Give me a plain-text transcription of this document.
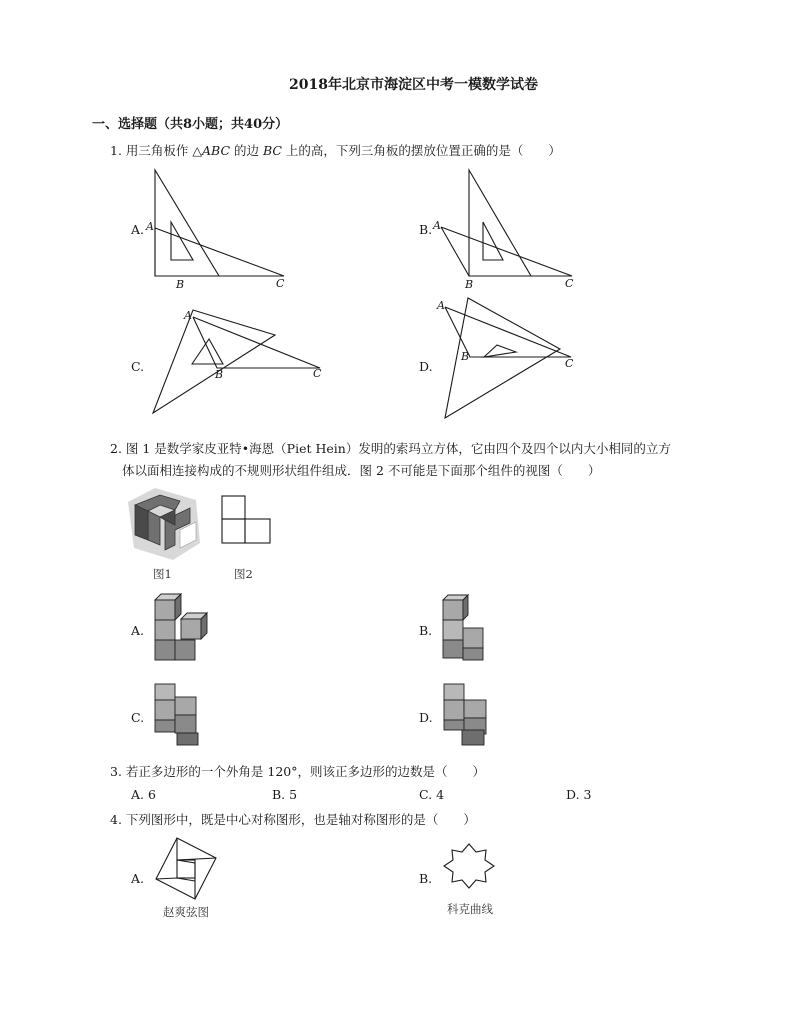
2018年北京市海淀区中考一模数学试卷
一、选择题（共8小题；共40分）
1. 用三角板作 △ABC 的边 BC 上的高，下列三角板的摆放位置正确的是（　　）
A. A
B	C
B. A
B	C
C.
A
B	C	D.
A
B
C
2. 图 1 是数学家皮亚特•海恩（Piet Hein）发明的索玛立方体，它由四个及四个以内大小相同的立方
体以面相连接构成的不规则形状组件组成．图 2 不可能是下面那个组件的视图（　　）
图1	图2
A.	B.
C.	D.
3. 若正多边形的一个外角是 120°，则该正多边形的边数是（　　）
A. 6	B. 5	C. 4	D. 3
4. 下列图形中，既是中心对称图形，也是轴对称图形的是（　　）
A.
赵爽弦图
B.
科克曲线
